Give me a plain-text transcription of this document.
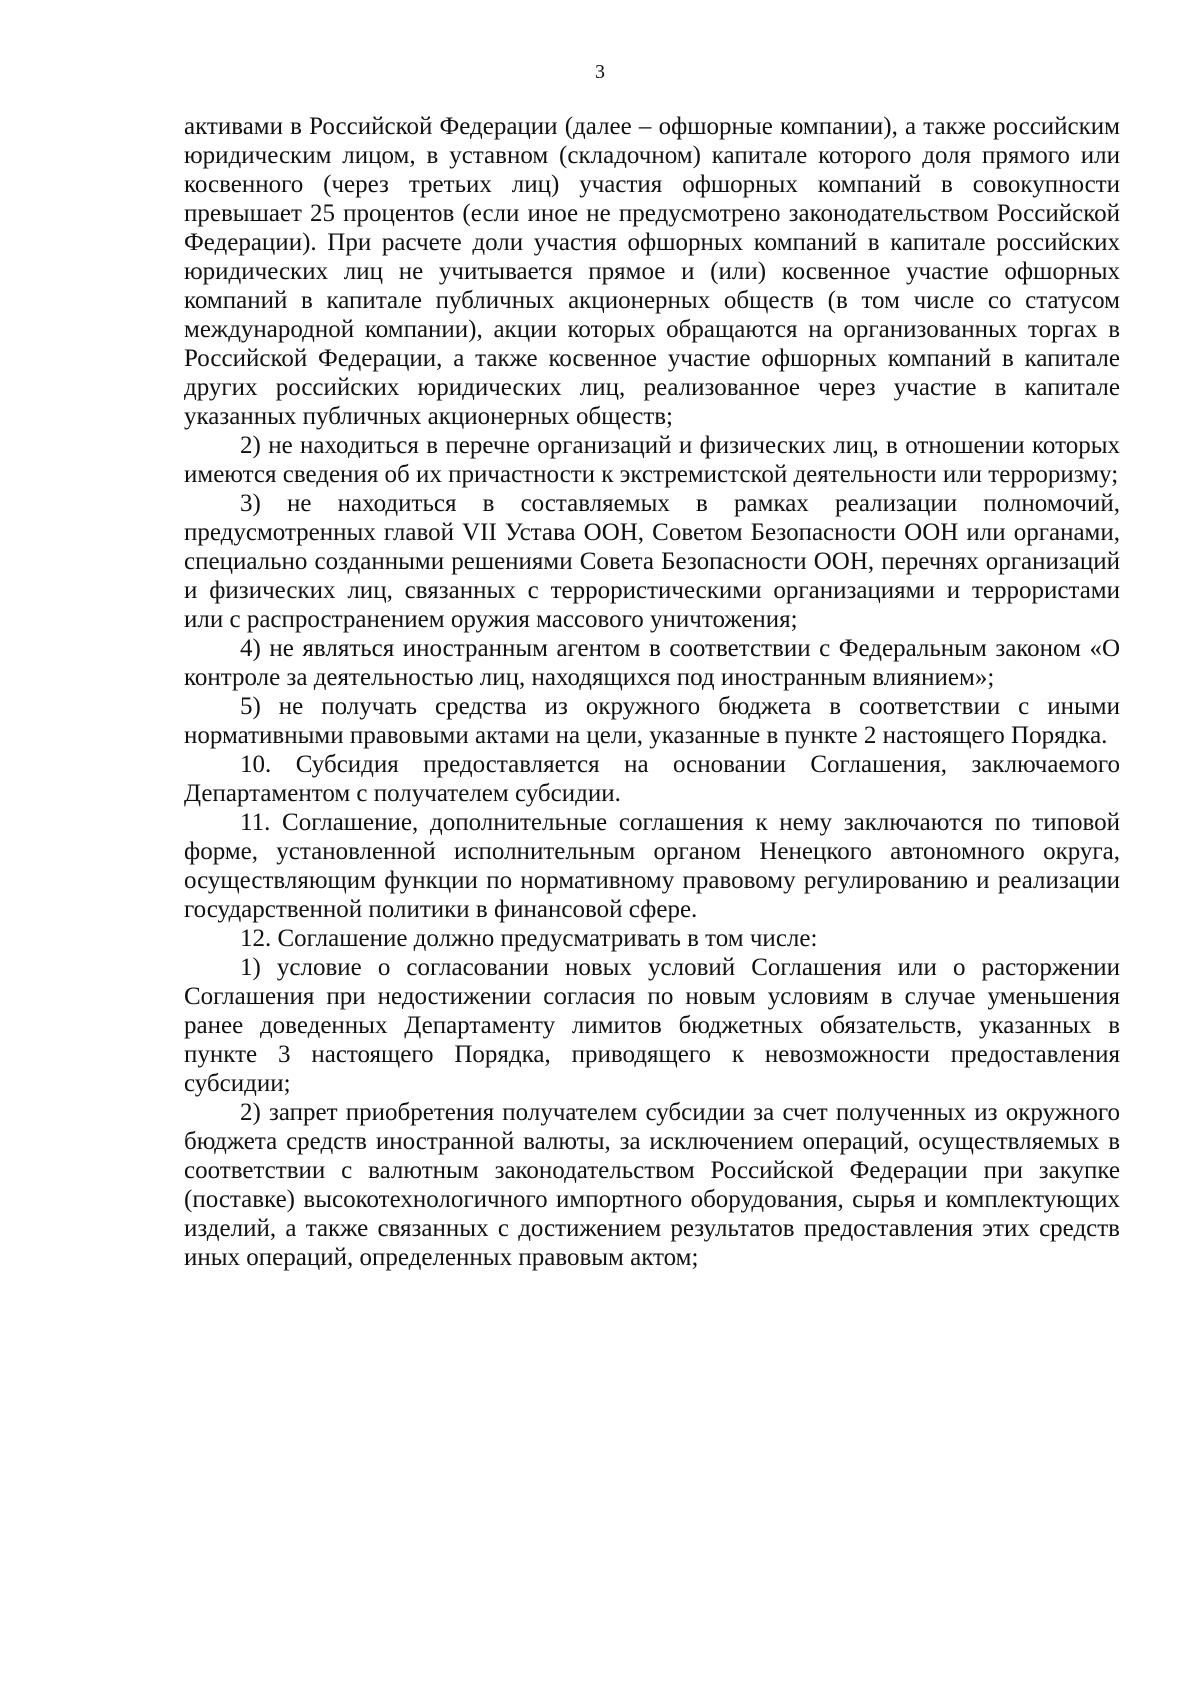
3

активами в Российской Федерации (далее – офшорные компании), а также российским юридическим лицом, в уставном (складочном) капитале которого доля прямого или косвенного (через третьих лиц) участия офшорных компаний в совокупности превышает 25 процентов (если иное не предусмотрено законодательством Российской Федерации). При расчете доли участия офшорных компаний в капитале российских юридических лиц не учитывается прямое и (или) косвенное участие офшорных компаний в капитале публичных акционерных обществ (в том числе со статусом международной компании), акции которых обращаются на организованных торгах в Российской Федерации, а также косвенное участие офшорных компаний в капитале других российских юридических лиц, реализованное через участие в капитале указанных публичных акционерных обществ;

2) не находиться в перечне организаций и физических лиц, в отношении которых имеются сведения об их причастности к экстремистской деятельности или терроризму;

3) не находиться в составляемых в рамках реализации полномочий, предусмотренных главой VII Устава ООН, Советом Безопасности ООН или органами, специально созданными решениями Совета Безопасности ООН, перечнях организаций и физических лиц, связанных с террористическими организациями и террористами или с распространением оружия массового уничтожения;

4) не являться иностранным агентом в соответствии с Федеральным законом «О контроле за деятельностью лиц, находящихся под иностранным влиянием»;

5) не получать средства из окружного бюджета в соответствии с иными нормативными правовыми актами на цели, указанные в пункте 2 настоящего Порядка.

10. Субсидия предоставляется на основании Соглашения, заключаемого Департаментом с получателем субсидии.

11. Соглашение, дополнительные соглашения к нему заключаются по типовой форме, установленной исполнительным органом Ненецкого автономного округа, осуществляющим функции по нормативному правовому регулированию и реализации государственной политики в финансовой сфере.

12. Соглашение должно предусматривать в том числе:

1) условие о согласовании новых условий Соглашения или о расторжении Соглашения при недостижении согласия по новым условиям в случае уменьшения ранее доведенных Департаменту лимитов бюджетных обязательств, указанных в пункте 3 настоящего Порядка, приводящего к невозможности предоставления субсидии;

2) запрет приобретения получателем субсидии за счет полученных из окружного бюджета средств иностранной валюты, за исключением операций, осуществляемых в соответствии с валютным законодательством Российской Федерации при закупке (поставке) высокотехнологичного импортного оборудования, сырья и комплектующих изделий, а также связанных с достижением результатов предоставления этих средств иных операций, определенных правовым актом;
